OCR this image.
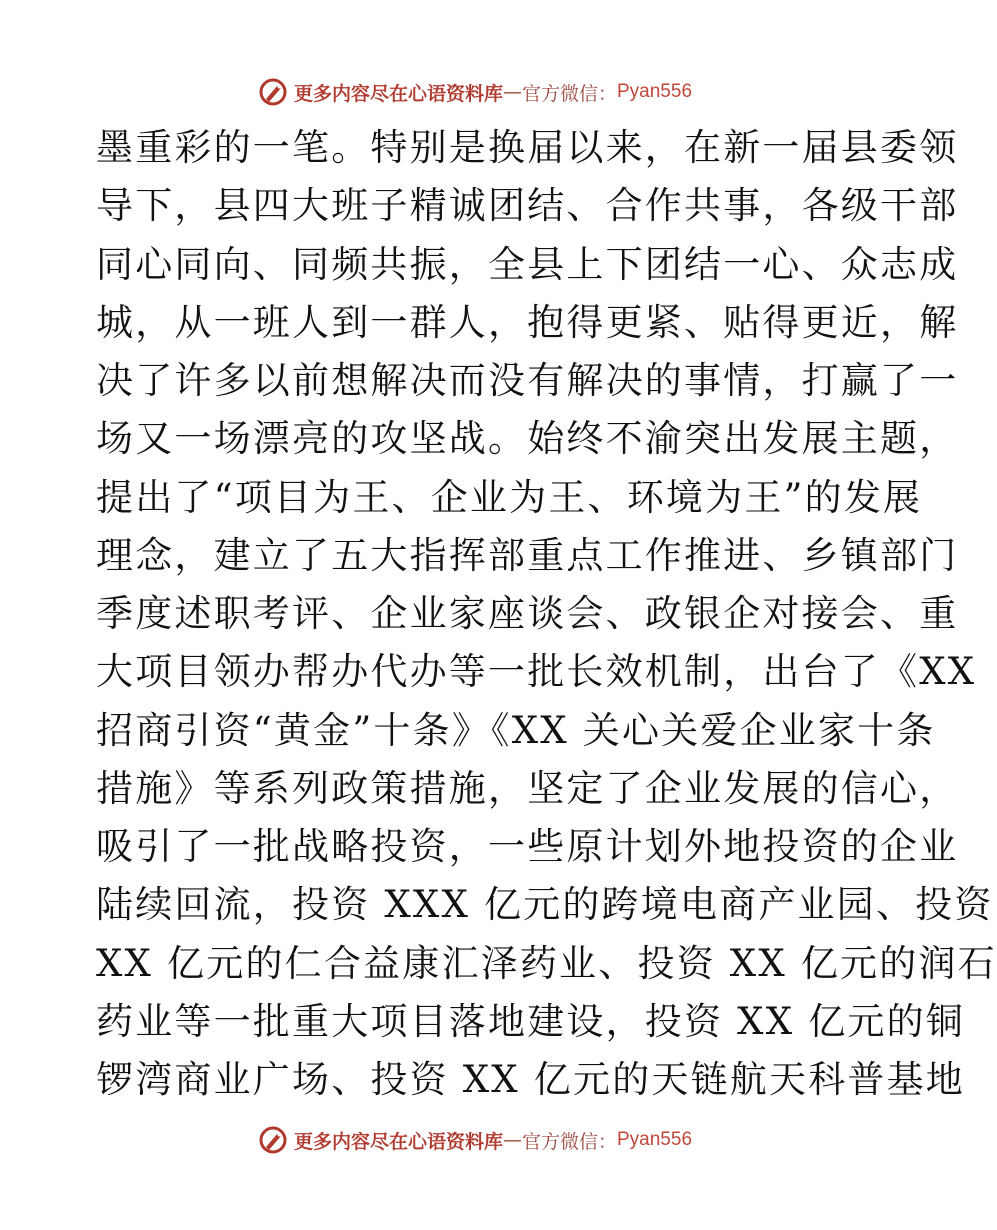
更多内容尽在心语资料库 — 官方微信： Pyan556
墨重彩的一笔。特别是换届以来，在新一届县委领
导下，县四大班子精诚团结、合作共事，各级干部
同心同向、同频共振，全县上下团结一心、众志成
城，从一班人到一群人，抱得更紧、贴得更近，解
决了许多以前想解决而没有解决的事情，打赢了一
场又一场漂亮的攻坚战。始终不渝突出发展主题，
提出了“项目为王、企业为王、环境为王”的发展
理念，建立了五大指挥部重点工作推进、乡镇部门
季度述职考评、企业家座谈会、政银企对接会、重
大项目领办帮办代办等一批长效机制，出台了《XX
招商引资“黄金”十条》《XX 关心关爱企业家十条
措施》等系列政策措施，坚定了企业发展的信心，
吸引了一批战略投资，一些原计划外地投资的企业
陆续回流，投资 XXX 亿元的跨境电商产业园、投资
XX 亿元的仁合益康汇泽药业、投资 XX 亿元的润石
药业等一批重大项目落地建设，投资 XX 亿元的铜
锣湾商业广场、投资 XX 亿元的天链航天科普基地
更多内容尽在心语资料库 — 官方微信： Pyan556
